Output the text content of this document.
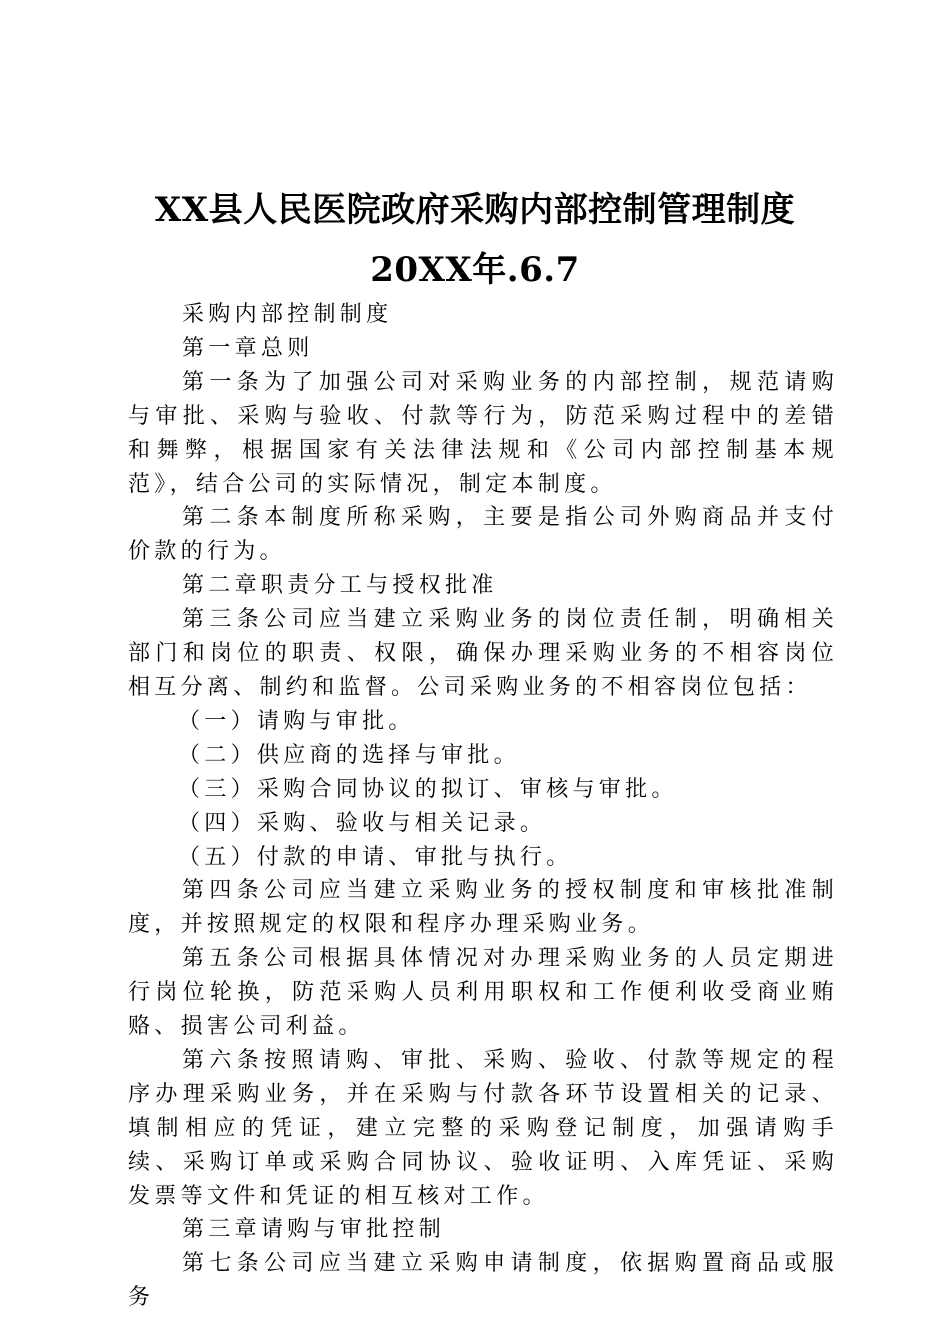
XX县人民医院政府采购内部控制管理制度
20XX年.6.7

采购内部控制制度

第一章总则

第一条为了加强公司对采购业务的内部控制，规范请购与审批、采购与验收、付款等行为，防范采购过程中的差错和舞弊，根据国家有关法律法规和《公司内部控制基本规范》，结合公司的实际情况，制定本制度。

第二条本制度所称采购，主要是指公司外购商品并支付价款的行为。

第二章职责分工与授权批准

第三条公司应当建立采购业务的岗位责任制，明确相关部门和岗位的职责、权限，确保办理采购业务的不相容岗位相互分离、制约和监督。公司采购业务的不相容岗位包括：

（一）请购与审批。

（二）供应商的选择与审批。

（三）采购合同协议的拟订、审核与审批。

（四）采购、验收与相关记录。

（五）付款的申请、审批与执行。

第四条公司应当建立采购业务的授权制度和审核批准制度，并按照规定的权限和程序办理采购业务。

第五条公司根据具体情况对办理采购业务的人员定期进行岗位轮换，防范采购人员利用职权和工作便利收受商业贿赂、损害公司利益。

第六条按照请购、审批、采购、验收、付款等规定的程序办理采购业务，并在采购与付款各环节设置相关的记录、填制相应的凭证，建立完整的采购登记制度，加强请购手续、采购订单或采购合同协议、验收证明、入库凭证、采购发票等文件和凭证的相互核对工作。

第三章请购与审批控制

第七条公司应当建立采购申请制度，依据购置商品或服务
